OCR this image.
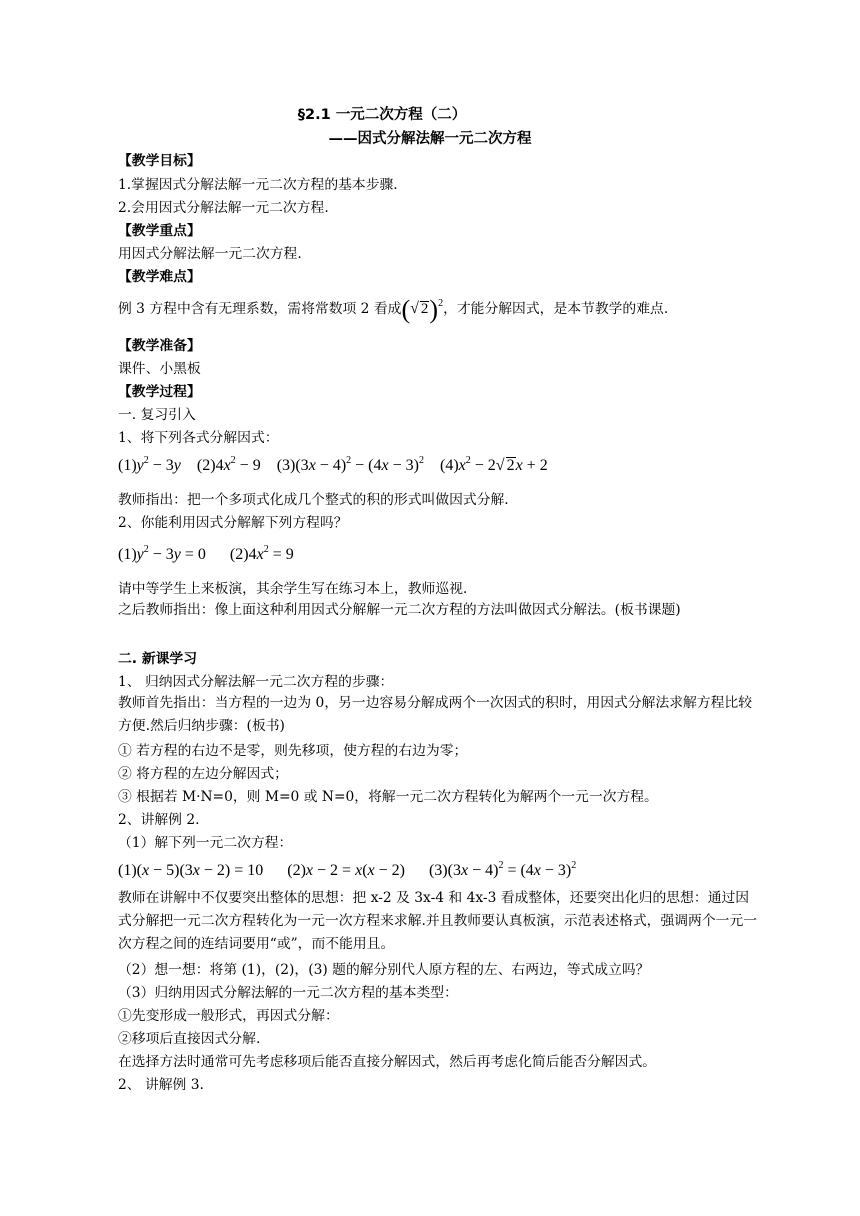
§2.1 一元二次方程（二）
——因式分解法解一元二次方程
【教学目标】
1.掌握因式分解法解一元二次方程的基本步骤.
2.会用因式分解法解一元二次方程.
【教学重点】
用因式分解法解一元二次方程.
【教学难点】
例 3 方程中含有无理系数，需将常数项 2 看成(√ 2)$^2$，才能分解因式，是本节教学的难点.
【教学准备】
课件、小黑板
【教学过程】
一. 复习引入
1、将下列各式分解因式：
$(1)y^2 - 3y$    $(2)4x^2 - 9$    $(3)(3x - 4)^2 - (4x - 3)^2$    $(4)x^2 - 2√$ 2x + 2
教师指出：把一个多项式化成几个整式的积的形式叫做因式分解.
2、你能利用因式分解解下列方程吗？
$(1)y^2 - 3y = 0$      $(2)4x^2 = 9$
请中等学生上来板演，其余学生写在练习本上，教师巡视.
之后教师指出：像上面这种利用因式分解解一元二次方程的方法叫做因式分解法。(板书课题)
二. 新课学习
1、 归纳因式分解法解一元二次方程的步骤：
教师首先指出：当方程的一边为 0，另一边容易分解成两个一次因式的积时，用因式分解法求解方程比较方便.然后归纳步骤：(板书)
① 若方程的右边不是零，则先移项，使方程的右边为零；
② 将方程的左边分解因式；
③ 根据若 M·N=0，则 M=0 或 N=0，将解一元二次方程转化为解两个一元一次方程。
2、讲解例 2.
（1）解下列一元二次方程：
(1)(x − 5)(3x − 2) = 10      (2)x − 2 = x(x − 2)      $(3)(3x - 4)^2 = (4x - 3)^2$
教师在讲解中不仅要突出整体的思想：把 x-2 及 3x-4 和 4x-3 看成整体，还要突出化归的思想：通过因式分解把一元二次方程转化为一元一次方程来求解.并且教师要认真板演，示范表述格式，强调两个一元一次方程之间的连结词要用“或”，而不能用且。
（2）想一想：将第 (1)，(2)，(3) 题的解分别代人原方程的左、右两边，等式成立吗？
（3）归纳用因式分解法解的一元二次方程的基本类型：
①先变形成一般形式，再因式分解：
②移项后直接因式分解.
在选择方法时通常可先考虑移项后能否直接分解因式，然后再考虑化简后能否分解因式。
2、 讲解例 3.
